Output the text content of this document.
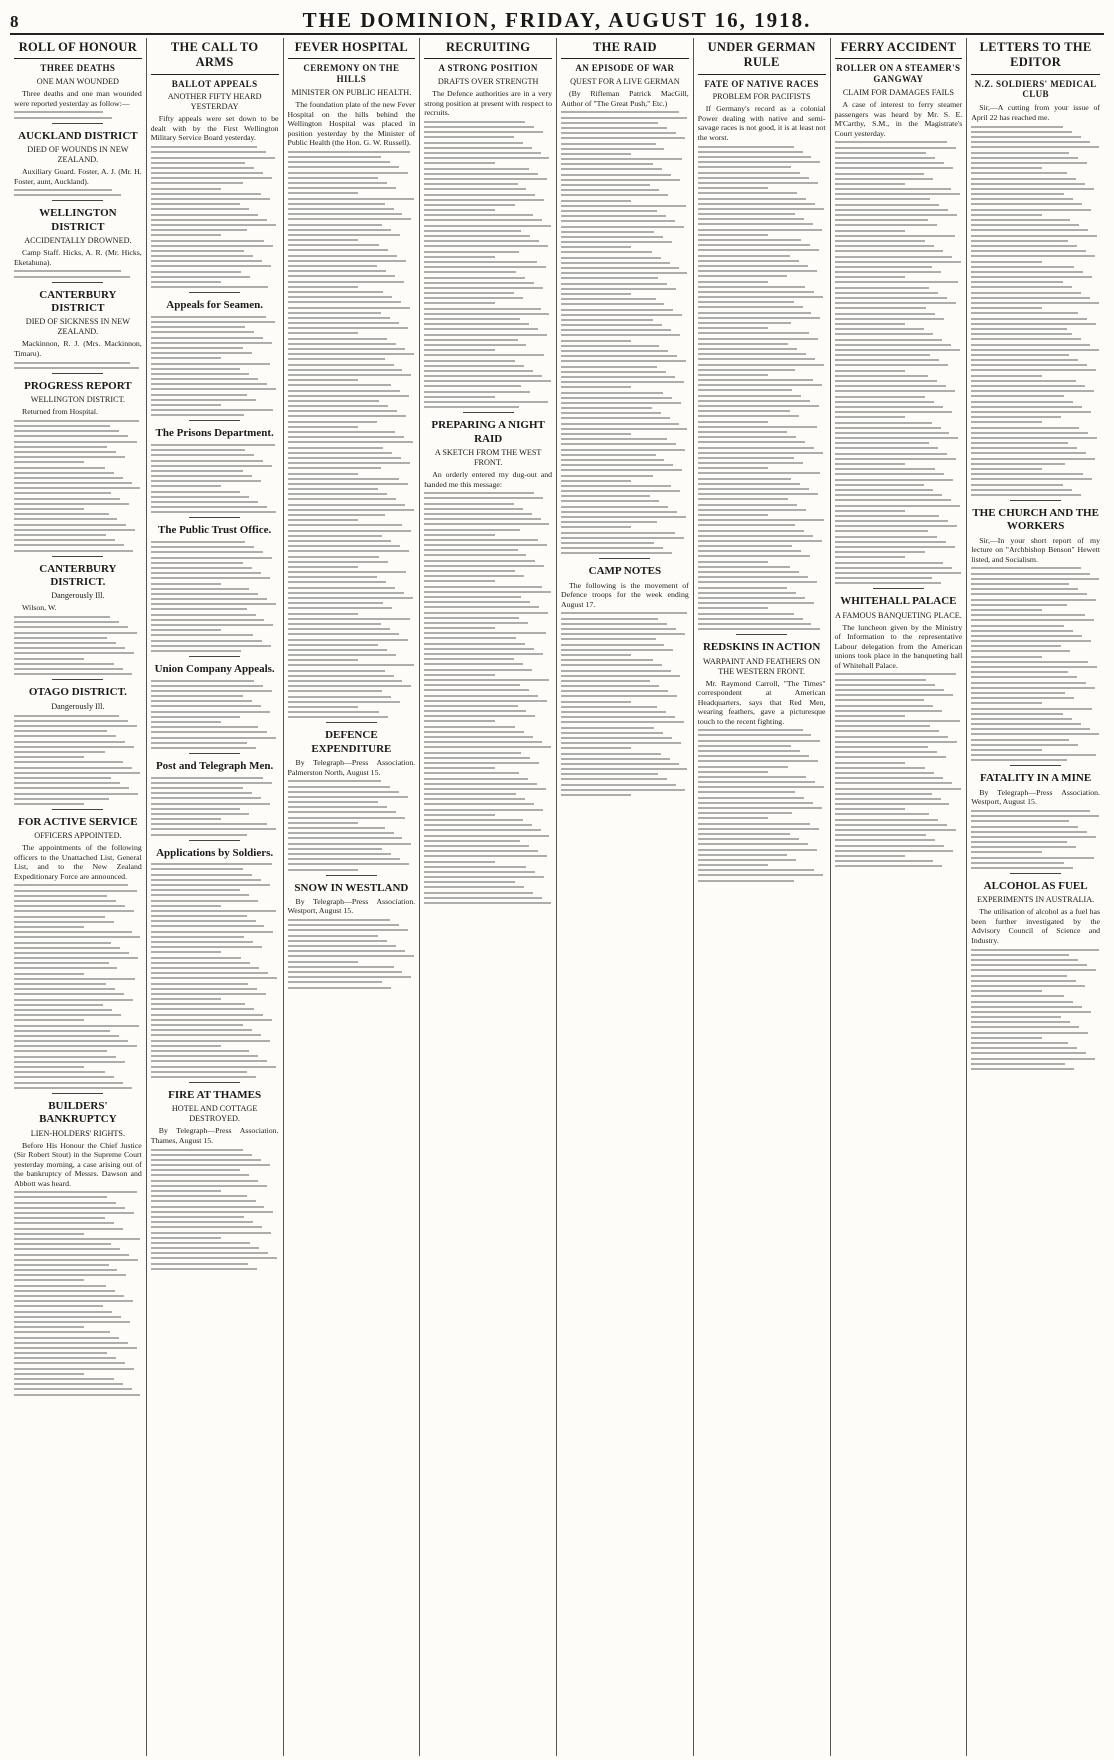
8	THE DOMINION, FRIDAY, AUGUST 16, 1918.
ROLL OF HONOUR
THREE DEATHS
ONE MAN WOUNDED

Three deaths and one man wounded were reported yesterday as follow:—

AUCKLAND DISTRICT
DIED OF WOUNDS IN NEW ZEALAND.

Auxiliary Guard. Foster, A. J. (Mr. H. Foster, aunt, Auckland).

WELLINGTON DISTRICT
ACCIDENTALLY DROWNED.

Camp Staff. Hicks, A. R. (Mr. Hicks, Eketahuna).

CANTERBURY DISTRICT
DIED OF SICKNESS IN NEW ZEALAND.

Mackinnon, R. J. (Mrs. Mackinnon, Timaru).

PROGRESS REPORT
WELLINGTON DISTRICT.

Returned from Hospital.

CANTERBURY DISTRICT.
Dangerously Ill.

Wilson, W.

OTAGO DISTRICT.
Dangerously Ill.
FOR ACTIVE SERVICE
OFFICERS APPOINTED.

The appointments of the following officers to the Unattached List, General List, and to the New Zealand Expeditionary Force are announced.

BUILDERS' BANKRUPTCY
LIEN-HOLDERS' RIGHTS.

Before His Honour the Chief Justice (Sir Robert Stout) in the Supreme Court yesterday morning, a case arising out of the bankruptcy of Messrs. Dawson and Abbott was heard.

THE CALL TO ARMS
BALLOT APPEALS
ANOTHER FIFTY HEARD YESTERDAY

Fifty appeals were set down to be dealt with by the First Wellington Military Service Board yesterday.

Appeals for Seamen.
The Prisons Department.
The Public Trust Office.
Union Company Appeals.
Post and Telegraph Men.
Applications by Soldiers.
FIRE AT THAMES
HOTEL AND COTTAGE DESTROYED.

By Telegraph—Press Association. Thames, August 15.

FEVER HOSPITAL
CEREMONY ON THE HILLS
MINISTER ON PUBLIC HEALTH.

The foundation plate of the new Fever Hospital on the hills behind the Wellington Hospital was placed in position yesterday by the Minister of Public Health (the Hon. G. W. Russell).

DEFENCE EXPENDITURE

By Telegraph—Press Association. Palmerston North, August 15.

SNOW IN WESTLAND

By Telegraph—Press Association. Westport, August 15.

RECRUITING
A STRONG POSITION
DRAFTS OVER STRENGTH

The Defence authorities are in a very strong position at present with respect to recruits.

PREPARING A NIGHT RAID
A SKETCH FROM THE WEST FRONT.

An orderly entered my dug-out and handed me this message:

THE RAID
AN EPISODE OF WAR
QUEST FOR A LIVE GERMAN

(By Rifleman Patrick MacGill, Author of "The Great Push," Etc.)

CAMP NOTES

The following is the movement of Defence troops for the week ending August 17.

UNDER GERMAN RULE
FATE OF NATIVE RACES
PROBLEM FOR PACIFISTS

If Germany's record as a colonial Power dealing with native and semi-savage races is not good, it is at least not the worst.

REDSKINS IN ACTION
WARPAINT AND FEATHERS ON THE WESTERN FRONT.

Mr. Raymond Carroll, "The Times" correspondent at American Headquarters, says that Red Men, wearing feathers, gave a picturesque touch to the recent fighting.

FERRY ACCIDENT
ROLLER ON A STEAMER'S GANGWAY
CLAIM FOR DAMAGES FAILS

A case of interest to ferry steamer passengers was heard by Mr. S. E. M'Carthy, S.M., in the Magistrate's Court yesterday.

WHITEHALL PALACE
A FAMOUS BANQUETING PLACE.

The luncheon given by the Ministry of Information to the representative Labour delegation from the American unions took place in the banqueting hall of Whitehall Palace.

LETTERS TO THE EDITOR
N.Z. SOLDIERS' MEDICAL CLUB

Sir,—A cutting from your issue of April 22 has reached me.

THE CHURCH AND THE WORKERS

Sir,—In your short report of my lecture on "Archbishop Benson" Hewett listed, and Socialism.

FATALITY IN A MINE

By Telegraph—Press Association. Westport, August 15.

ALCOHOL AS FUEL
EXPERIMENTS IN AUSTRALIA.

The utilisation of alcohol as a fuel has been further investigated by the Advisory Council of Science and Industry.
